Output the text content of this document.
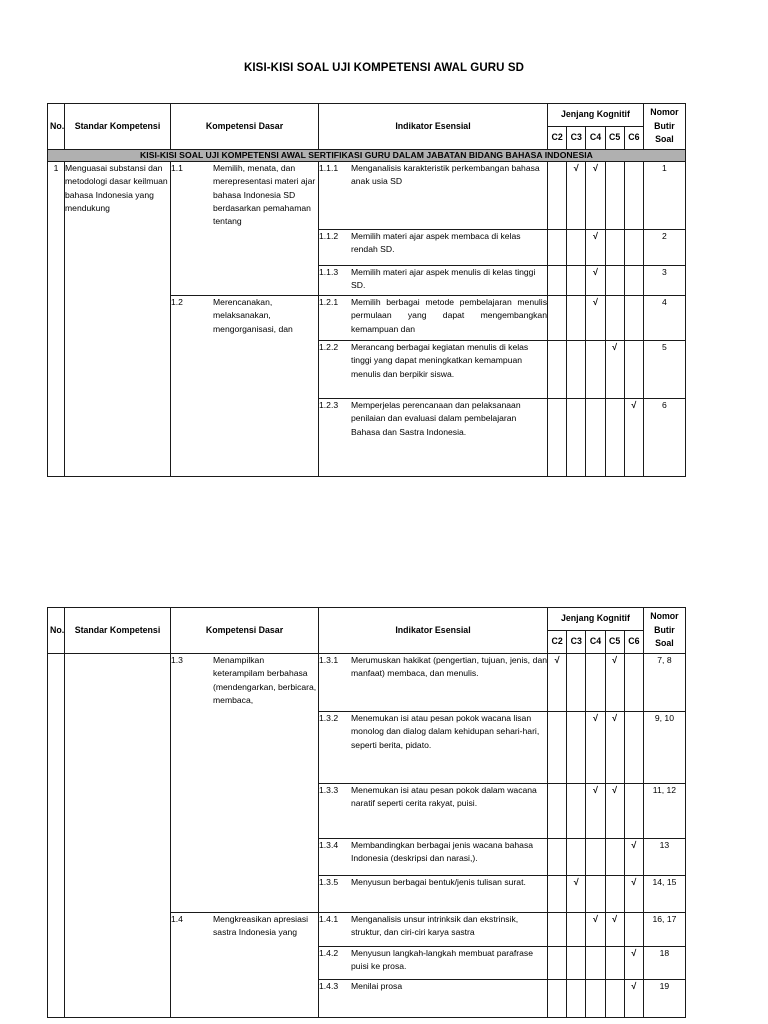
KISI-KISI SOAL UJI KOMPETENSI AWAL GURU SD
No.	Standar Kompetensi	Kompetensi Dasar	Indikator Esensial	Jenjang Kognitif					Nomor
Butir
Soal

				C2	C3	C4	C5	C6	
KISI-KISI SOAL UJI KOMPETENSI AWAL SERTIFIKASI GURU DALAM JABATAN BIDANG BAHASA INDONESIA									
1	Menguasai substansi dan metodologi dasar keilmuan bahasa Indonesia yang mendukung	1.1 Memilih, menata, dan merepresentasi materi ajar bahasa Indonesia SD berdasarkan pemahaman tentang	1.1.1 Menganalisis karakteristik perkembangan bahasa anak usia SD		√	√			1

			1.1.2 Memilih materi ajar aspek membaca di kelas rendah SD.			√			2

			1.1.3 Memilih materi ajar aspek menulis di kelas tinggi SD.			√			3

		1.2 Merencanakan, melaksanakan, mengorganisasi, dan	1.2.1 Memilih berbagai metode pembelajaran menulis permulaan yang dapat mengembangkan kemampuan dan			√			4

			1.2.2 Merancang berbagai kegiatan menulis di kelas tinggi yang dapat meningkatkan kemampuan menulis dan berpikir siswa.				√		5

			1.2.3 Memperjelas perencanaan dan pelaksanaan penilaian dan evaluasi dalam pembelajaran Bahasa dan Sastra Indonesia.					√	6
No.	Standar Kompetensi	Kompetensi Dasar	Indikator Esensial	Jenjang Kognitif					Nomor
Butir
Soal

				C2	C3	C4	C5	C6	

		1.3 Menampilkan keterampilam berbahasa (mendengarkan, berbicara, membaca,	1.3.1 Merumuskan hakikat (pengertian, tujuan, jenis, dan manfaat) membaca, dan menulis.	√			√		7, 8

			1.3.2 Menemukan isi atau pesan pokok wacana lisan monolog dan dialog dalam kehidupan sehari-hari, seperti berita, pidato.			√	√		9, 10

			1.3.3 Menemukan isi atau pesan pokok dalam wacana naratif seperti cerita rakyat, puisi.			√	√		11, 12

			1.3.4 Membandingkan berbagai jenis wacana bahasa Indonesia (deskripsi dan narasi,).					√	13

			1.3.5 Menyusun berbagai bentuk/jenis tulisan surat.		√			√	14, 15

		1.4 Mengkreasikan apresiasi sastra Indonesia yang	1.4.1 Menganalisis unsur intrinksik dan ekstrinsik, struktur, dan ciri-ciri karya sastra			√	√		16, 17

			1.4.2 Menyusun langkah-langkah membuat parafrase puisi ke prosa.					√	18

			1.4.3 Menilai prosa					√	19
